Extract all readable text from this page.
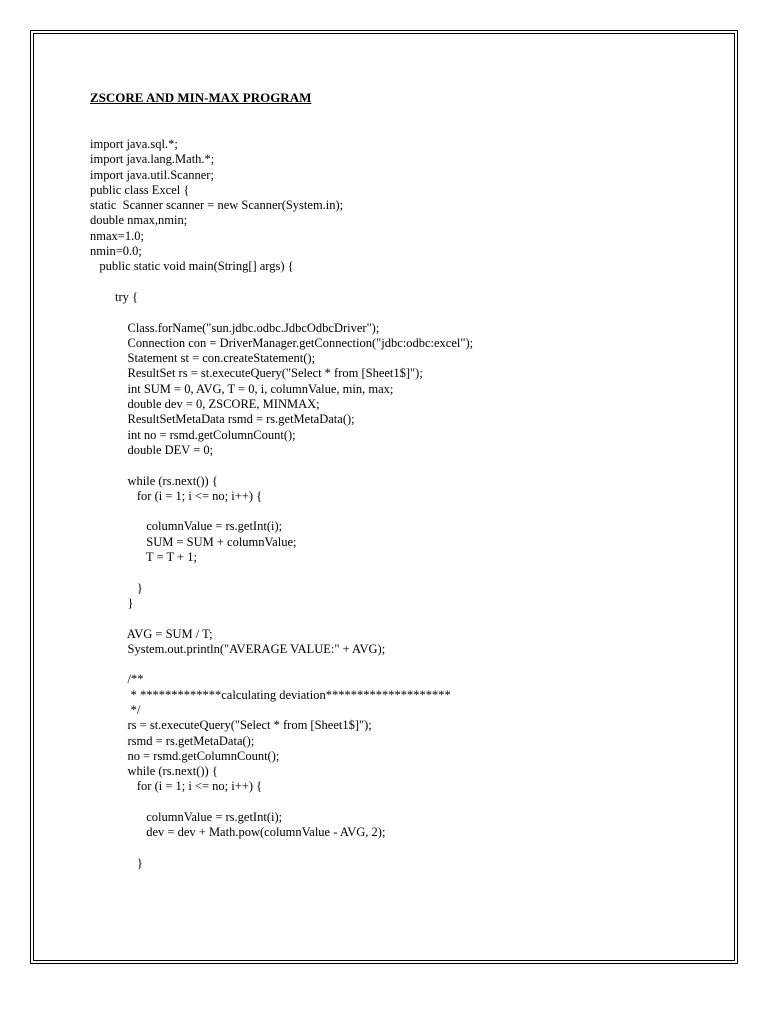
ZSCORE AND MIN-MAX PROGRAM
import java.sql.*;
import java.lang.Math.*;
import java.util.Scanner;
public class Excel {
static  Scanner scanner = new Scanner(System.in);
double nmax,nmin;
nmax=1.0;
nmin=0.0;
public static void main(String[] args) {

try {

Class.forName("sun.jdbc.odbc.JdbcOdbcDriver");
Connection con = DriverManager.getConnection("jdbc:odbc:excel");
Statement st = con.createStatement();
ResultSet rs = st.executeQuery("Select * from [Sheet1$]");
int SUM = 0, AVG, T = 0, i, columnValue, min, max;
double dev = 0, ZSCORE, MINMAX;
ResultSetMetaData rsmd = rs.getMetaData();
int no = rsmd.getColumnCount();
double DEV = 0;

while (rs.next()) {
for (i = 1; i <= no; i++) {

columnValue = rs.getInt(i);
SUM = SUM + columnValue;
T = T + 1;

}
}

AVG = SUM / T;
System.out.println("AVERAGE VALUE:" + AVG);

/**
* *************calculating deviation********************
*/
rs = st.executeQuery("Select * from [Sheet1$]");
rsmd = rs.getMetaData();
no = rsmd.getColumnCount();
while (rs.next()) {
for (i = 1; i <= no; i++) {

columnValue = rs.getInt(i);
dev = dev + Math.pow(columnValue - AVG, 2);

}
